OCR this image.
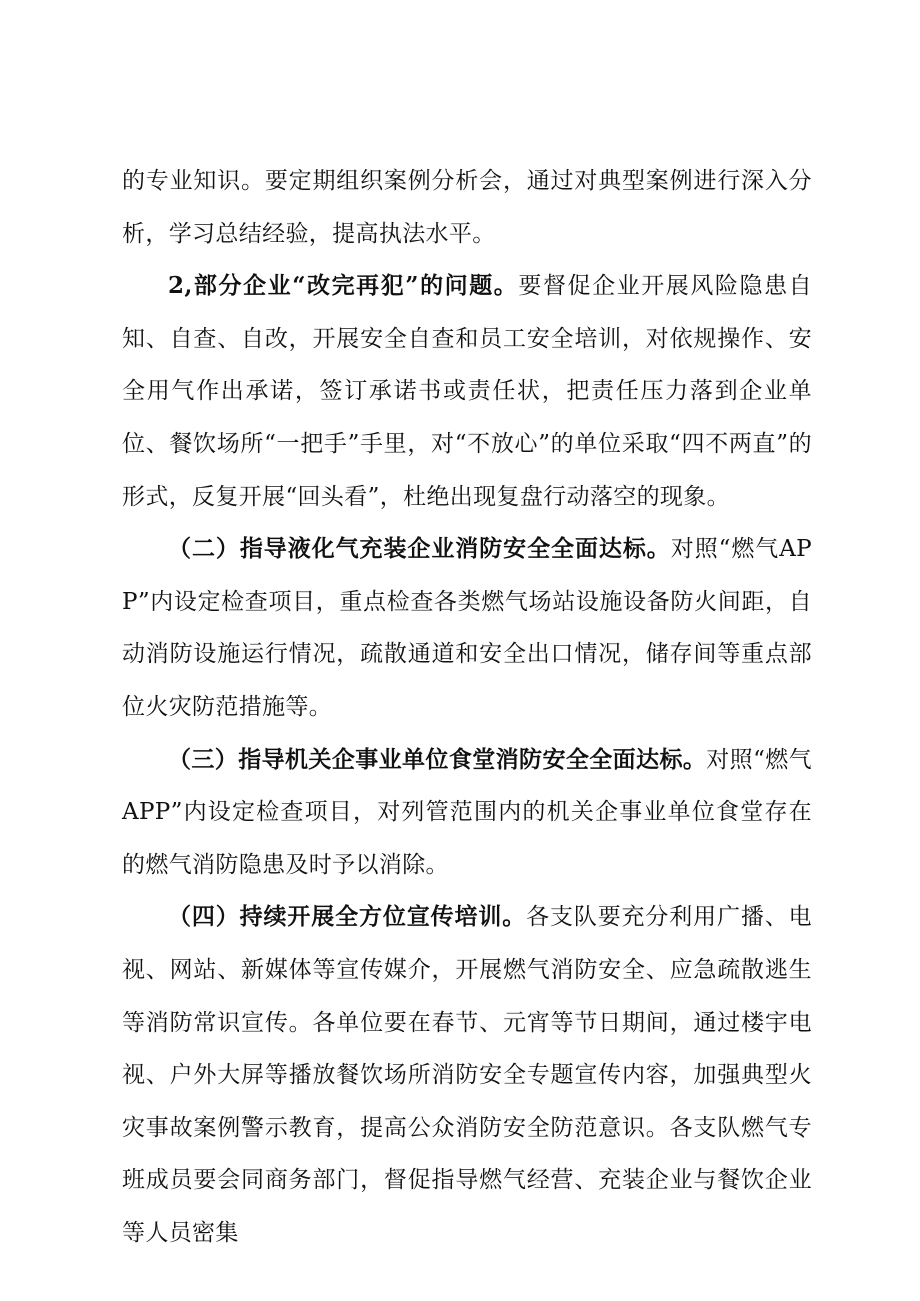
的专业知识。要定期组织案例分析会，通过对典型案例进行深入分析，学习总结经验，提高执法水平。

2,部分企业“改完再犯”的问题。要督促企业开展风险隐患自知、自查、自改，开展安全自查和员工安全培训，对依规操作、安全用气作出承诺，签订承诺书或责任状，把责任压力落到企业单位、餐饮场所“一把手”手里，对“不放心”的单位采取“四不两直”的形式，反复开展“回头看”，杜绝出现复盘行动落空的现象。

（二）指导液化气充装企业消防安全全面达标。对照“燃气APP”内设定检查项目，重点检查各类燃气场站设施设备防火间距，自动消防设施运行情况，疏散通道和安全出口情况，储存间等重点部位火灾防范措施等。

（三）指导机关企事业单位食堂消防安全全面达标。对照“燃气APP”内设定检查项目，对列管范围内的机关企事业单位食堂存在的燃气消防隐患及时予以消除。

（四）持续开展全方位宣传培训。各支队要充分利用广播、电视、网站、新媒体等宣传媒介，开展燃气消防安全、应急疏散逃生等消防常识宣传。各单位要在春节、元宵等节日期间，通过楼宇电视、户外大屏等播放餐饮场所消防安全专题宣传内容，加强典型火灾事故案例警示教育，提高公众消防安全防范意识。各支队燃气专班成员要会同商务部门，督促指导燃气经营、充装企业与餐饮企业等人员密集
